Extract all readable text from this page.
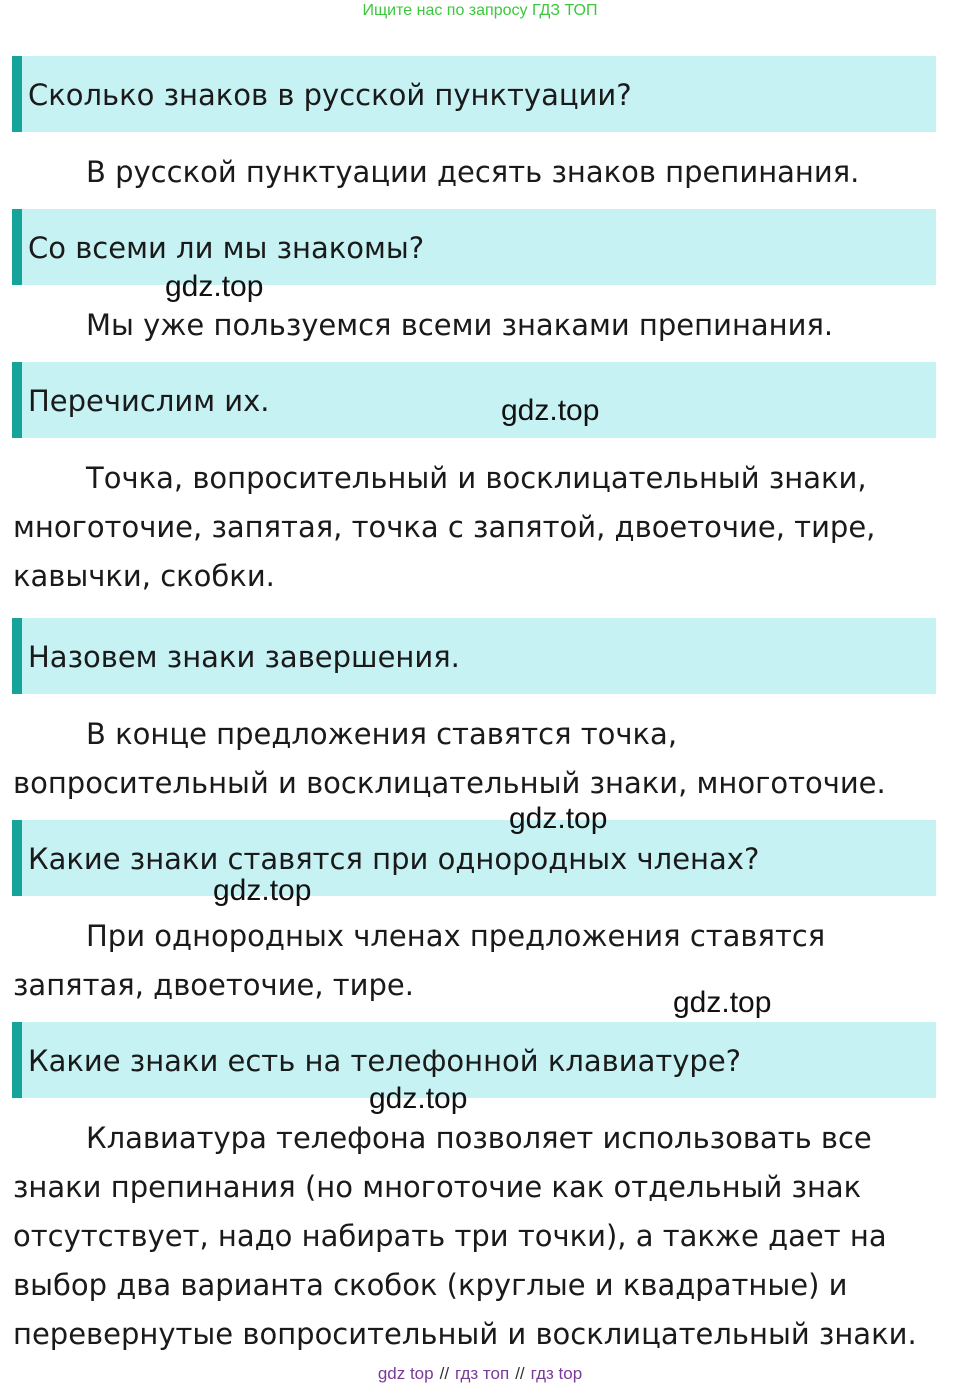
Ищите нас по запросу ГДЗ ТОП
Сколько знаков в русской пунктуации?

В русской пунктуации десять знаков препинания.

Со всеми ли мы знакомы?

Мы уже пользуемся всеми знаками препинания.

Перечислим их.

Точка, вопросительный и восклицательный знаки, многоточие, запятая, точка с запятой, двоеточие, тире, кавычки, скобки.

Назовем знаки завершения.

В конце предложения ставятся точка, вопросительный и восклицательный знаки, многоточие.

Какие знаки ставятся при однородных членах?

При однородных членах предложения ставятся запятая, двоеточие, тире.

Какие знаки есть на телефонной клавиатуре?

Клавиатура телефона позволяет использовать все знаки препинания (но многоточие как отдельный знак отсутствует, надо набирать три точки), а также дает на выбор два варианта скобок (круглые и квадратные) и перевернутые вопросительный и восклицательный знаки.

gdz.top
gdz.top
gdz.top
gdz.top
gdz.top
gdz.top
gdz top // гдз топ // гдз top
